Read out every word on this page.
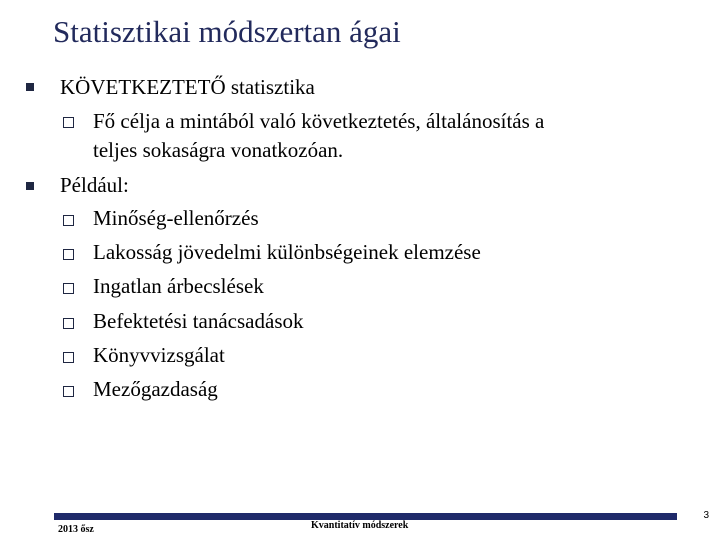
Statisztikai módszertan ágai
KÖVETKEZTETŐ statisztika
Fő célja a mintából való következtetés, általánosítás a
teljes sokaságra vonatkozóan.
Például:
Minőség-ellenőrzés
Lakosság jövedelmi különbségeinek elemzése
Ingatlan árbecslések
Befektetési tanácsadások
Könyvvizsgálat
Mezőgazdaság
2013 ősz	Kvantitatív módszerek
3
